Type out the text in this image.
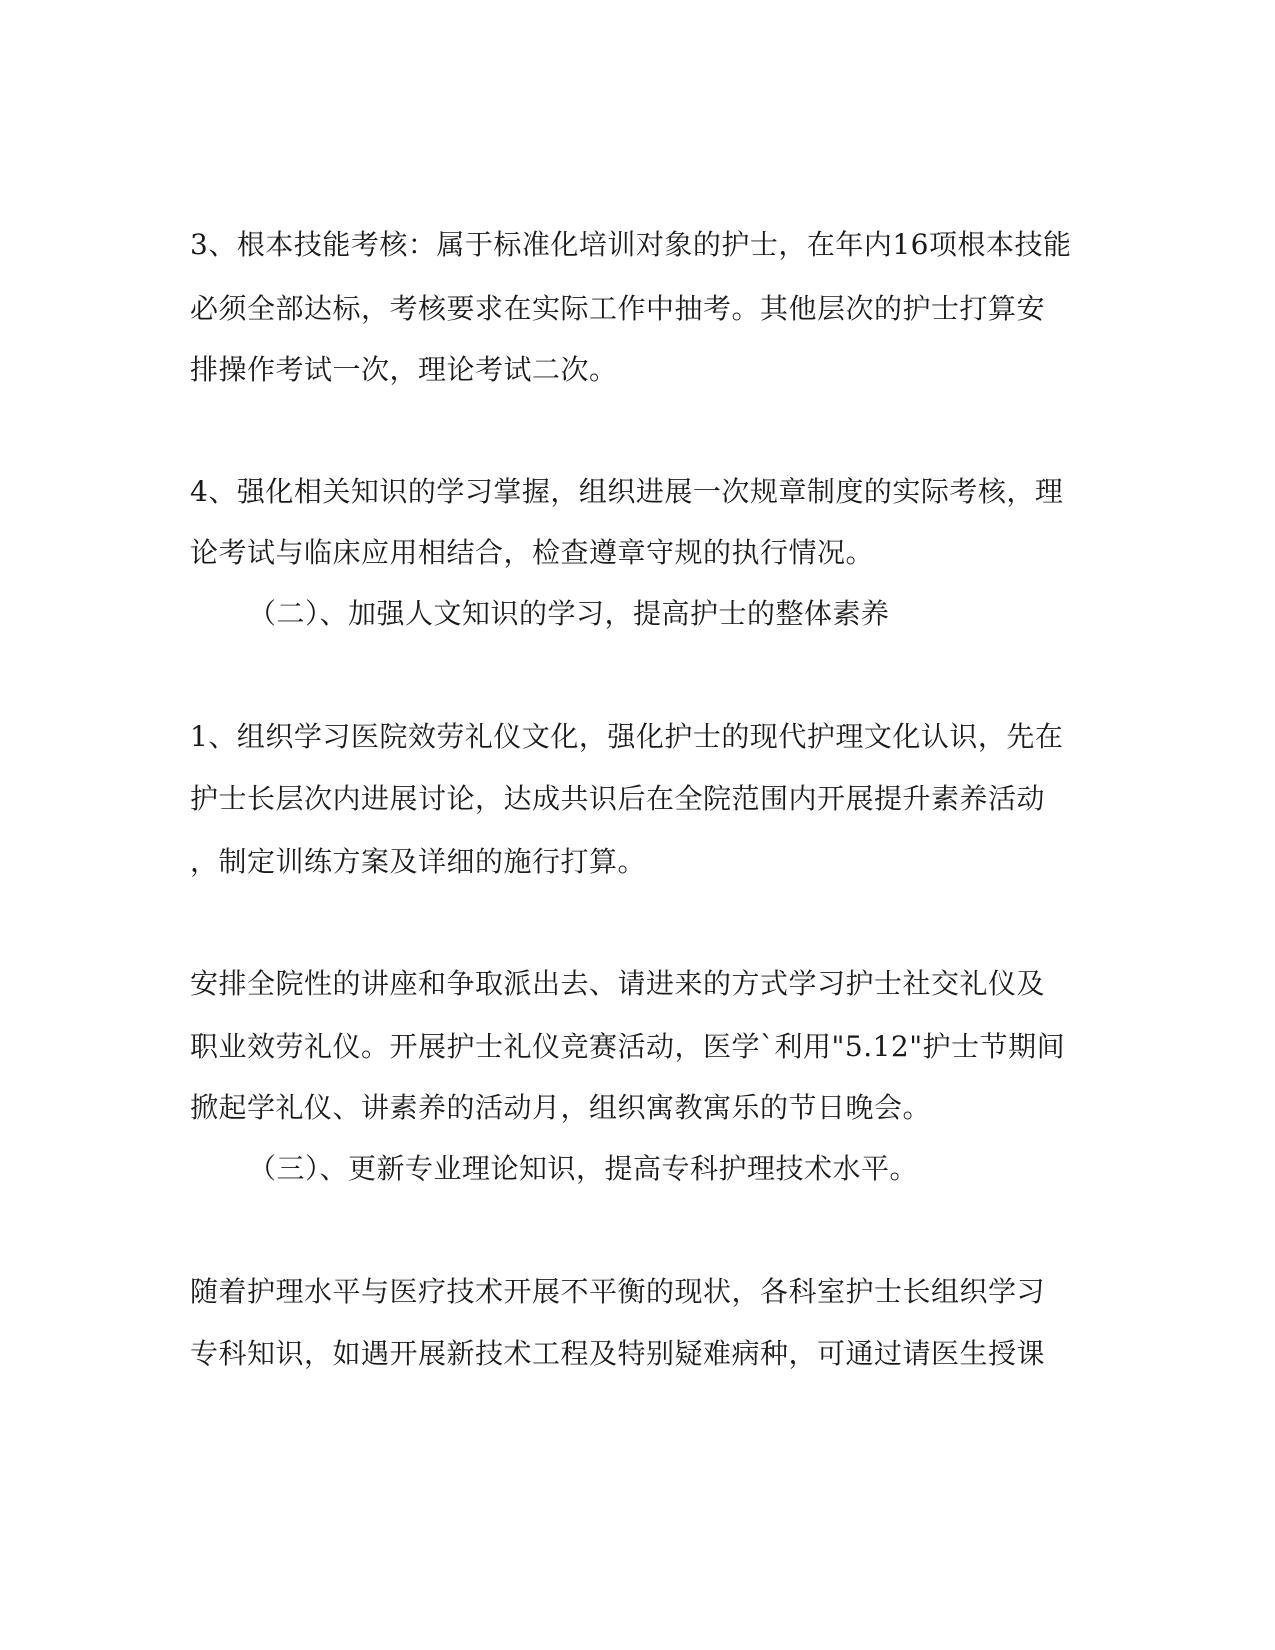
3、根本技能考核：属于标准化培训对象的护士，在年内16项根本技能
必须全部达标，考核要求在实际工作中抽考。其他层次的护士打算安
排操作考试一次，理论考试二次。
4、强化相关知识的学习掌握，组织进展一次规章制度的实际考核，理
论考试与临床应用相结合，检查遵章守规的执行情况。
（二）、加强人文知识的学习，提高护士的整体素养
1、组织学习医院效劳礼仪文化，强化护士的现代护理文化认识，先在
护士长层次内进展讨论，达成共识后在全院范围内开展提升素养活动
，制定训练方案及详细的施行打算。
安排全院性的讲座和争取派出去、请进来的方式学习护士社交礼仪及
职业效劳礼仪。开展护士礼仪竞赛活动，医学`利用"5.12"护士节期间
掀起学礼仪、讲素养的活动月，组织寓教寓乐的节日晚会。
（三）、更新专业理论知识，提高专科护理技术水平。
随着护理水平与医疗技术开展不平衡的现状，各科室护士长组织学习
专科知识，如遇开展新技术工程及特别疑难病种，可通过请医生授课
